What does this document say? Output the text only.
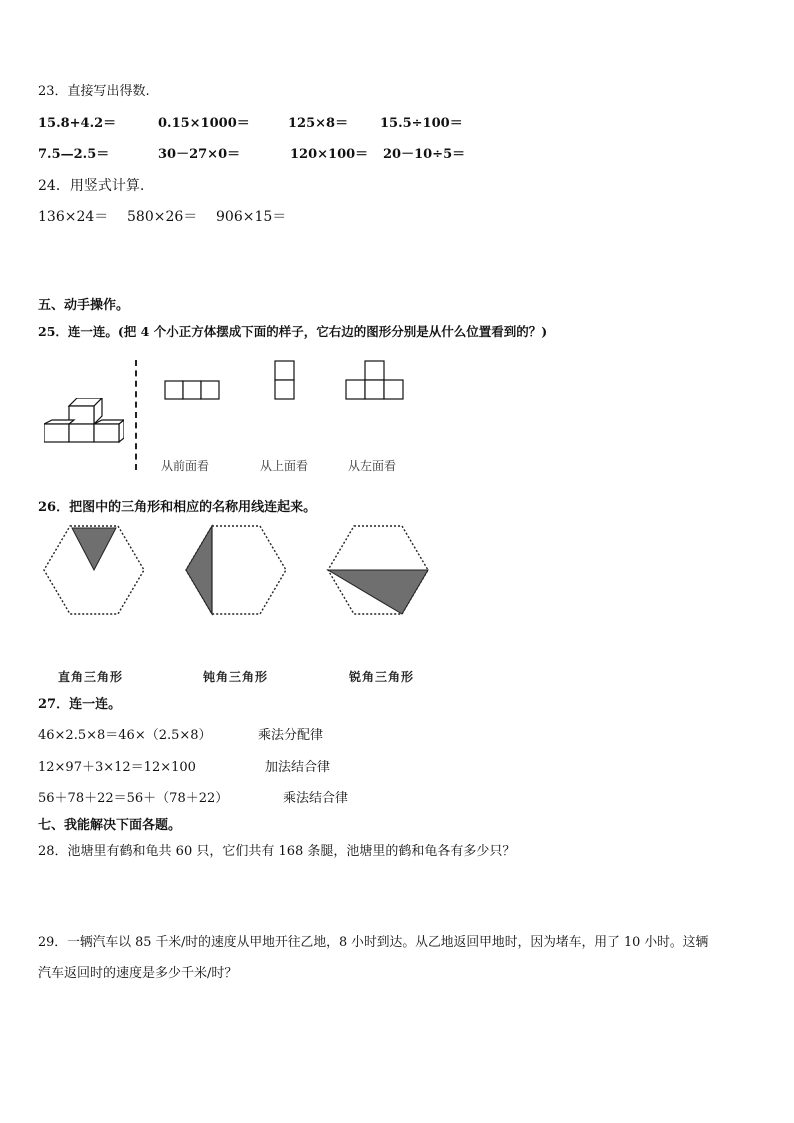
23．直接写出得数.
15.8+4.2＝	0.15×1000＝	125×8＝ 15.5÷100＝
7.5—2.5＝	30－27×0＝	120×100＝ 20－10÷5＝
24．用竖式计算.
136×24＝ 580×26＝ 906×15＝
五、动手操作。
25．连一连。(把 4 个小正方体摆成下面的样子，它右边的图形分别是从什么位置看到的？)
从前面看	从上面看	从左面看
26．把图中的三角形和相应的名称用线连起来。
直角三角形	钝角三角形	锐角三角形
27．连一连。
46×2.5×8＝46×（2.5×8）	乘法分配律
12×97＋3×12＝12×100	加法结合律
56＋78＋22＝56＋（78＋22）	乘法结合律
七、我能解决下面各题。
28．池塘里有鹤和龟共 60 只，它们共有 168 条腿，池塘里的鹤和龟各有多少只？
29．一辆汽车以 85 千米/时的速度从甲地开往乙地，8 小时到达。从乙地返回甲地时，因为堵车，用了 10 小时。这辆
汽车返回时的速度是多少千米/时？
